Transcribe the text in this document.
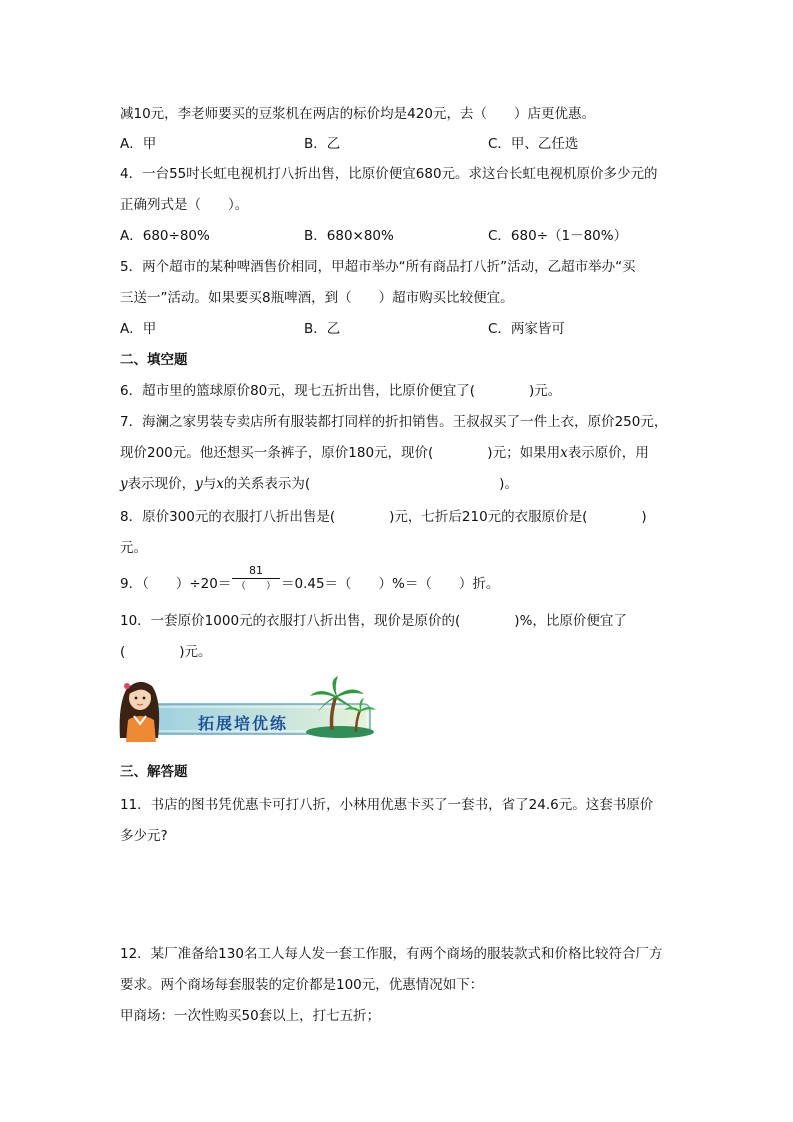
减10元，李老师要买的豆浆机在两店的标价均是420元，去（　　）店更优惠。
A．甲	B．乙	C．甲、乙任选
4．一台55吋长虹电视机打八折出售，比原价便宜680元。求这台长虹电视机原价多少元的
正确列式是（　　）。
A．680÷80%	B．680×80%	C．680÷（1－80%）
5．两个超市的某种啤酒售价相同，甲超市举办“所有商品打八折”活动，乙超市举办“买
三送一”活动。如果要买8瓶啤酒，到（　　）超市购买比较便宜。
A．甲	B．乙	C．两家皆可
二、填空题
6．超市里的篮球原价80元，现七五折出售，比原价便宜了(　　　　)元。
7．海澜之家男装专卖店所有服装都打同样的折扣销售。王叔叔买了一件上衣，原价250元，
现价200元。他还想买一条裤子，原价180元，现价(　　　　)元；如果用x表示原价，用
y表示现价，y与x的关系表示为(　　　　　　　　　　　　　　)。
8．原价300元的衣服打八折出售是(　　　　)元，七折后210元的衣服原价是(　　　　)
元。
9．（　　）÷20＝
81
（　　） ＝0.45＝（　　）%＝（　　）折。
10．一套原价1000元的衣服打八折出售，现价是原价的(　　　　)%，比原价便宜了
(　　　　)元。
拓展培优练
三、解答题
11．书店的图书凭优惠卡可打八折，小林用优惠卡买了一套书，省了24.6元。这套书原价
多少元?
12．某厂准备给130名工人每人发一套工作服，有两个商场的服装款式和价格比较符合厂方
要求。两个商场每套服装的定价都是100元，优惠情况如下：
甲商场：一次性购买50套以上，打七五折；
